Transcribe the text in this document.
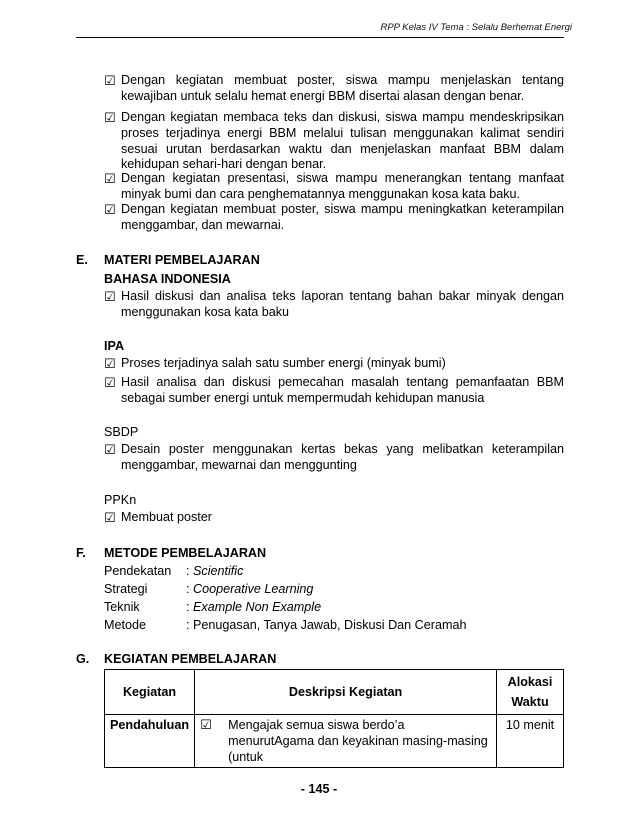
RPP Kelas IV Tema : Selalu Berhemat Energi
☑ Dengan kegiatan membuat poster, siswa mampu menjelaskan tentang kewajiban untuk selalu hemat energi BBM disertai alasan dengan benar.
☑ Dengan kegiatan membaca teks dan diskusi, siswa mampu mendeskripsikan proses terjadinya energi BBM melalui tulisan menggunakan kalimat sendiri sesuai urutan berdasarkan waktu dan menjelaskan manfaat BBM dalam kehidupan sehari-hari dengan benar.
☑ Dengan kegiatan presentasi, siswa mampu menerangkan tentang manfaat minyak bumi dan cara penghematannya menggunakan kosa kata baku.
☑ Dengan kegiatan membuat poster, siswa mampu meningkatkan keterampilan menggambar, dan mewarnai.
E. MATERI PEMBELAJARAN
BAHASA INDONESIA
☑ Hasil diskusi dan analisa teks laporan tentang bahan bakar minyak dengan menggunakan kosa kata baku
IPA
☑ Proses terjadinya salah satu sumber energi (minyak bumi)
☑ Hasil analisa dan diskusi pemecahan masalah tentang pemanfaatan BBM sebagai sumber energi untuk mempermudah kehidupan manusia
SBDP
☑ Desain poster menggunakan kertas bekas yang melibatkan keterampilan menggambar, mewarnai dan menggunting
PPKn
☑ Membuat poster
F. METODE PEMBELAJARAN
Pendekatan : Scientific
Strategi	: Cooperative Learning
Teknik	: Example Non Example
Metode	: Penugasan, Tanya Jawab, Diskusi Dan Ceramah
G. KEGIATAN PEMBELAJARAN
Kegiatan	Deskripsi Kegiatan		Alokasi Waktu
Pendahuluan	☑	Mengajak semua siswa berdo’a menurutAgama dan keyakinan masing-masing (untuk	10 menit
- 145 -
